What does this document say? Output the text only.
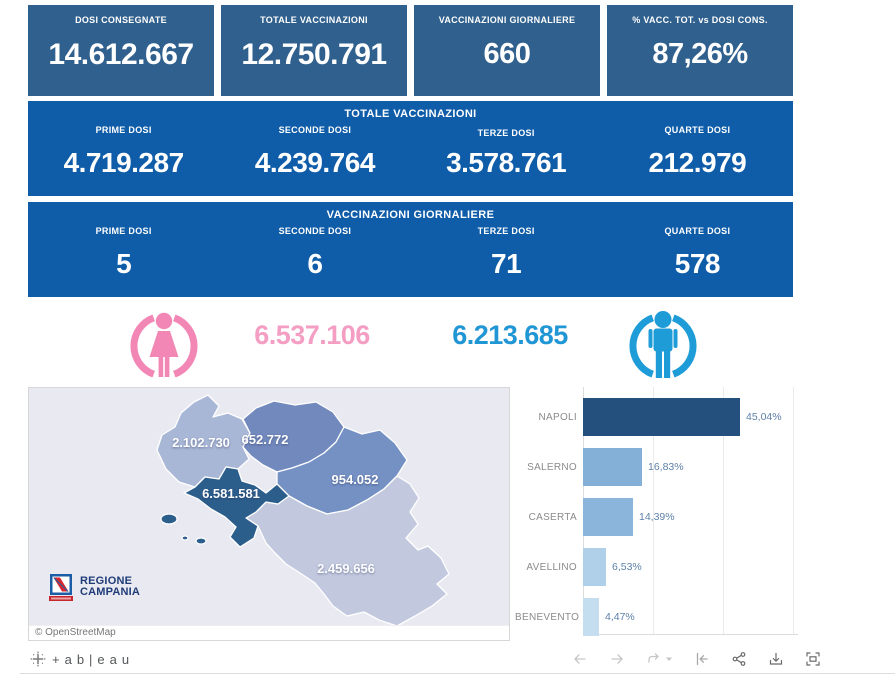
DOSI CONSEGNATE
14.612.667
TOTALE VACCINAZIONI
12.750.791
VACCINAZIONI GIORNALIERE
660
% VACC. TOT. vs DOSI CONS.
87,26%
TOTALE VACCINAZIONI
PRIME DOSI
4.719.287
SECONDE DOSI
4.239.764
TERZE DOSI
3.578.761
QUARTE DOSI
212.979
VACCINAZIONI GIORNALIERE
PRIME DOSI
5
SECONDE DOSI
6
TERZE DOSI
71
QUARTE DOSI
578
6.537.106	6.213.685
2.102.730 652.772
954.052
6.581.581
2.459.656
REGIONE
CAMPANIA
© OpenStreetMap
NAPOLI	45,04%
SALERNO	16,83%
CASERTA	14,39%
AVELLINO	6,53%
BENEVENTO 4,47%
+ab|eau
